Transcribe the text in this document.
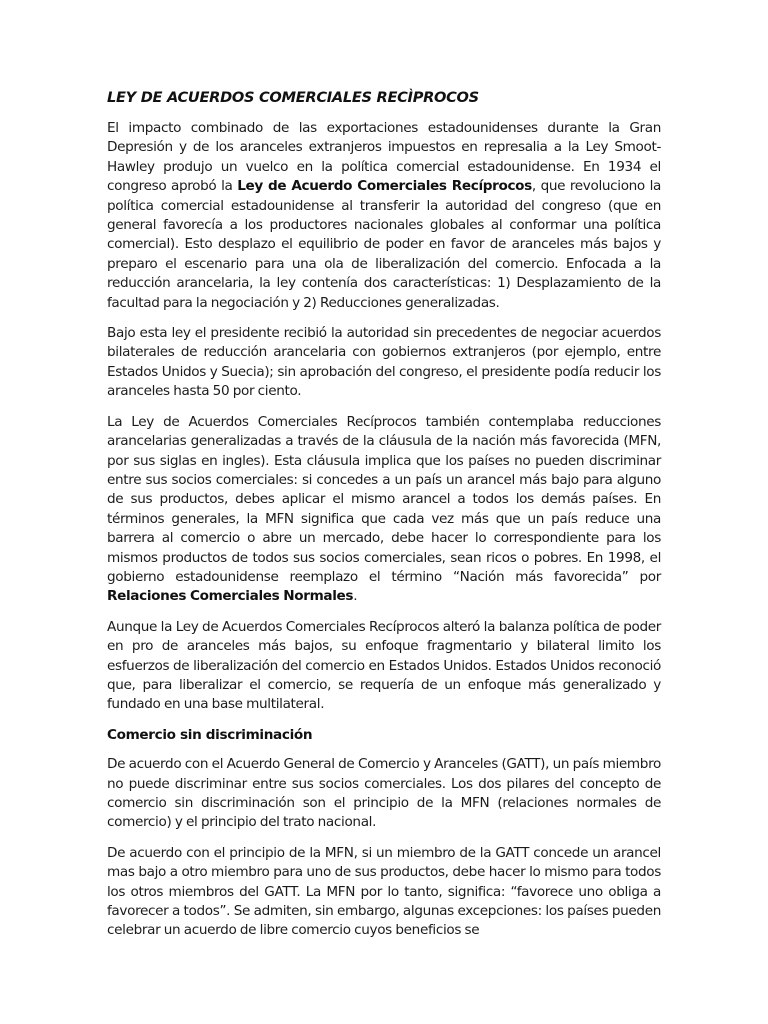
LEY DE ACUERDOS COMERCIALES RECÌPROCOS

El impacto combinado de las exportaciones estadounidenses durante la Gran Depresión y de los aranceles extranjeros impuestos en represalia a la Ley Smoot-Hawley produjo un vuelco en la política comercial estadounidense. En 1934 el congreso aprobó la Ley de Acuerdo Comerciales Recíprocos, que revoluciono la política comercial estadounidense al transferir la autoridad del congreso (que en general favorecía a los productores nacionales globales al conformar una política comercial). Esto desplazo el equilibrio de poder en favor de aranceles más bajos y preparo el escenario para una ola de liberalización del comercio. Enfocada a la reducción arancelaria, la ley contenía dos características: 1) Desplazamiento de la facultad para la negociación y 2) Reducciones generalizadas.

Bajo esta ley el presidente recibió la autoridad sin precedentes de negociar acuerdos bilaterales de reducción arancelaria con gobiernos extranjeros (por ejemplo, entre Estados Unidos y Suecia); sin aprobación del congreso, el presidente podía reducir los aranceles hasta 50 por ciento.

La Ley de Acuerdos Comerciales Recíprocos también contemplaba reducciones arancelarias generalizadas a través de la cláusula de la nación más favorecida (MFN, por sus siglas en ingles). Esta cláusula implica que los países no pueden discriminar entre sus socios comerciales: si concedes a un país un arancel más bajo para alguno de sus productos, debes aplicar el mismo arancel a todos los demás países. En términos generales, la MFN significa que cada vez más que un país reduce una barrera al comercio o abre un mercado, debe hacer lo correspondiente para los mismos productos de todos sus socios comerciales, sean ricos o pobres. En 1998, el gobierno estadounidense reemplazo el término “Nación más favorecida” por Relaciones Comerciales Normales.

Aunque la Ley de Acuerdos Comerciales Recíprocos alteró la balanza política de poder en pro de aranceles más bajos, su enfoque fragmentario y bilateral limito los esfuerzos de liberalización del comercio en Estados Unidos. Estados Unidos reconoció que, para liberalizar el comercio, se requería de un enfoque más generalizado y fundado en una base multilateral.

Comercio sin discriminación

De acuerdo con el Acuerdo General de Comercio y Aranceles (GATT), un país miembro no puede discriminar entre sus socios comerciales. Los dos pilares del concepto de comercio sin discriminación son el principio de la MFN (relaciones normales de comercio) y el principio del trato nacional.

De acuerdo con el principio de la MFN, si un miembro de la GATT concede un arancel mas bajo a otro miembro para uno de sus productos, debe hacer lo mismo para todos los otros miembros del GATT. La MFN por lo tanto, significa: “favorece uno obliga a favorecer a todos”. Se admiten, sin embargo, algunas excepciones: los países pueden celebrar un acuerdo de libre comercio cuyos beneficios se
